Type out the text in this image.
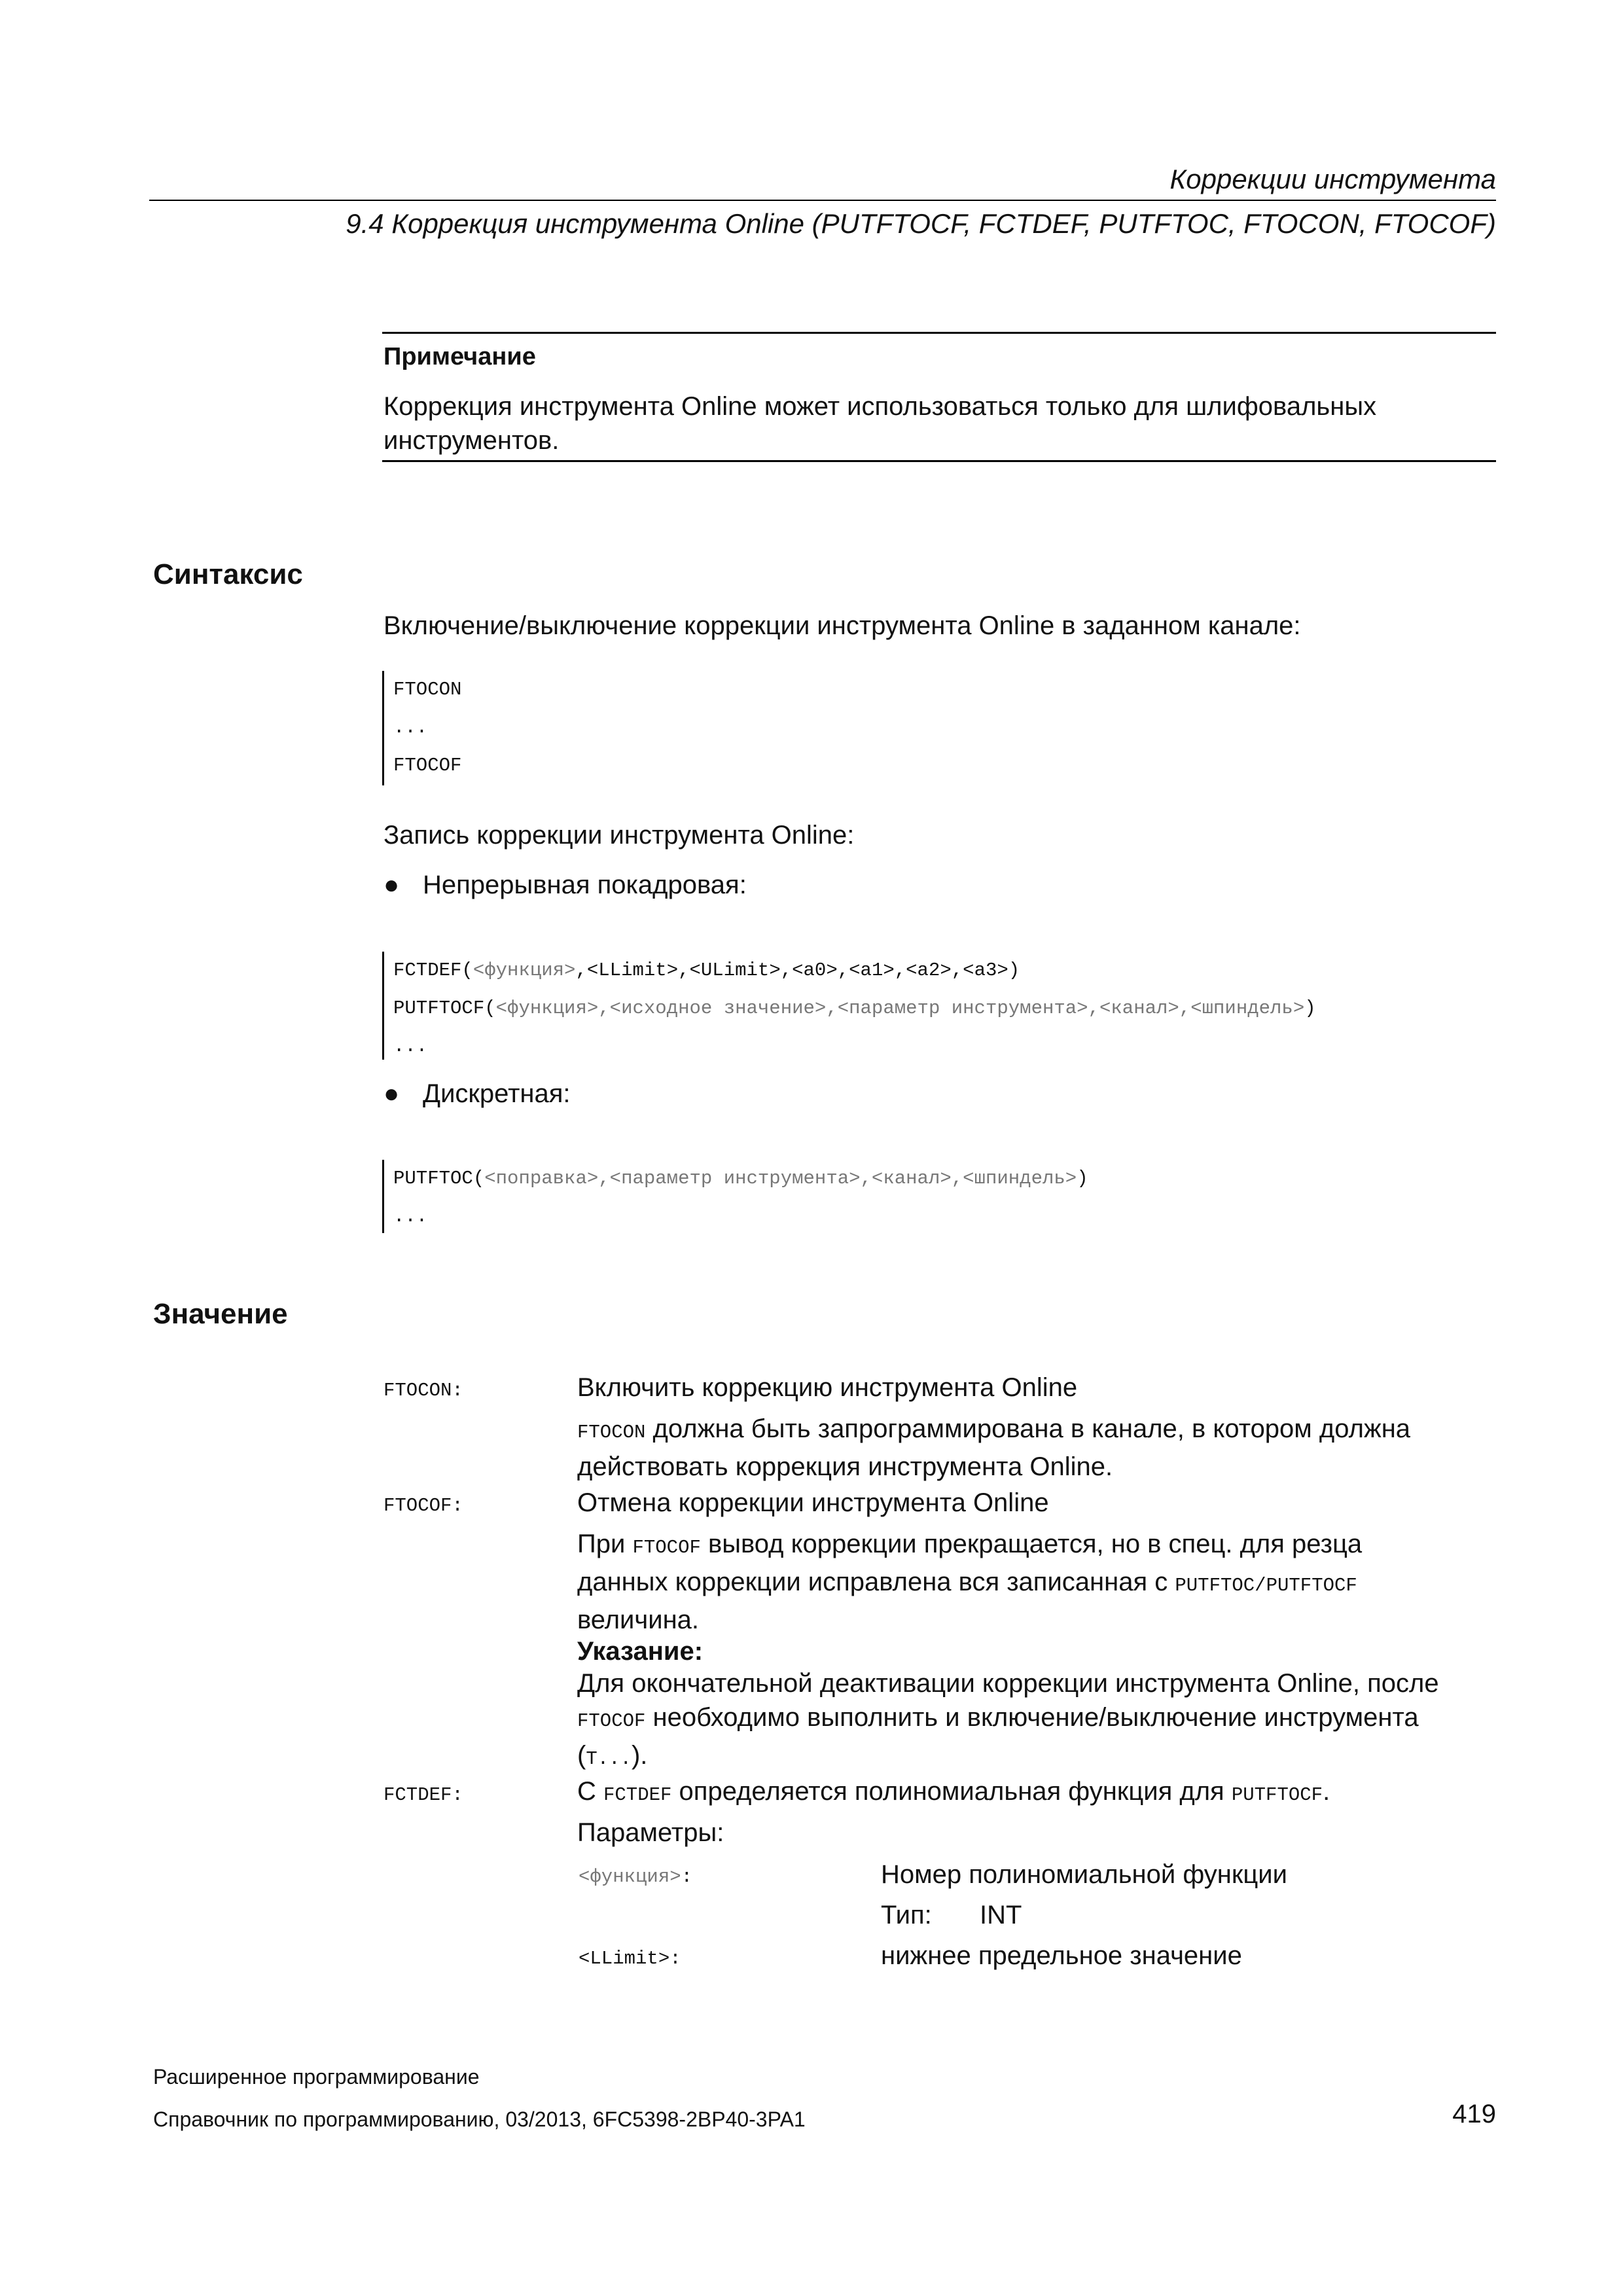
Коррекции инструмента
9.4 Коррекция инструмента Online (PUTFTOCF, FCTDEF, PUTFTOC, FTOCON, FTOCOF)
Примечание
Коррекция инструмента Online может использоваться только для шлифовальных
инструментов.
Синтаксис
Включение/выключение коррекции инструмента Online в заданном канале:
FTOCON
...
FTOCOF
Запись коррекции инструмента Online:
● Непрерывная покадровая:
FCTDEF(<функция>,<LLimit>,<ULimit>,<a0>,<a1>,<a2>,<a3>)
PUTFTOCF(<функция>,<исходное значение>,<параметр инструмента>,<канал>,<шпиндель>)
...
● Дискретная:
PUTFTOC(<поправка>,<параметр инструмента>,<канал>,<шпиндель>)
...
Значение
FTOCON:	Включить коррекцию инструмента Online
FTOCON должна быть запрограммирована в канале, в котором должна
действовать коррекция инструмента Online.
FTOCOF:	Отмена коррекции инструмента Online
При FTOCOF вывод коррекции прекращается, но в спец. для резца
данных коррекции исправлена вся записанная с PUTFTOC/PUTFTOCF
величина.
Указание:
Для окончательной деактивации коррекции инструмента Online, после
FTOCOF необходимо выполнить и включение/выключение инструмента
(T...).
FCTDEF:	С FCTDEF определяется полиномиальная функция для PUTFTOCF.
Параметры:
<функция>:	Номер полиномиальной функции
Тип: INT
<LLimit>:	нижнее предельное значение
Расширенное программирование
Справочник по программированию, 03/2013, 6FC5398-2BP40-3PA1	419
